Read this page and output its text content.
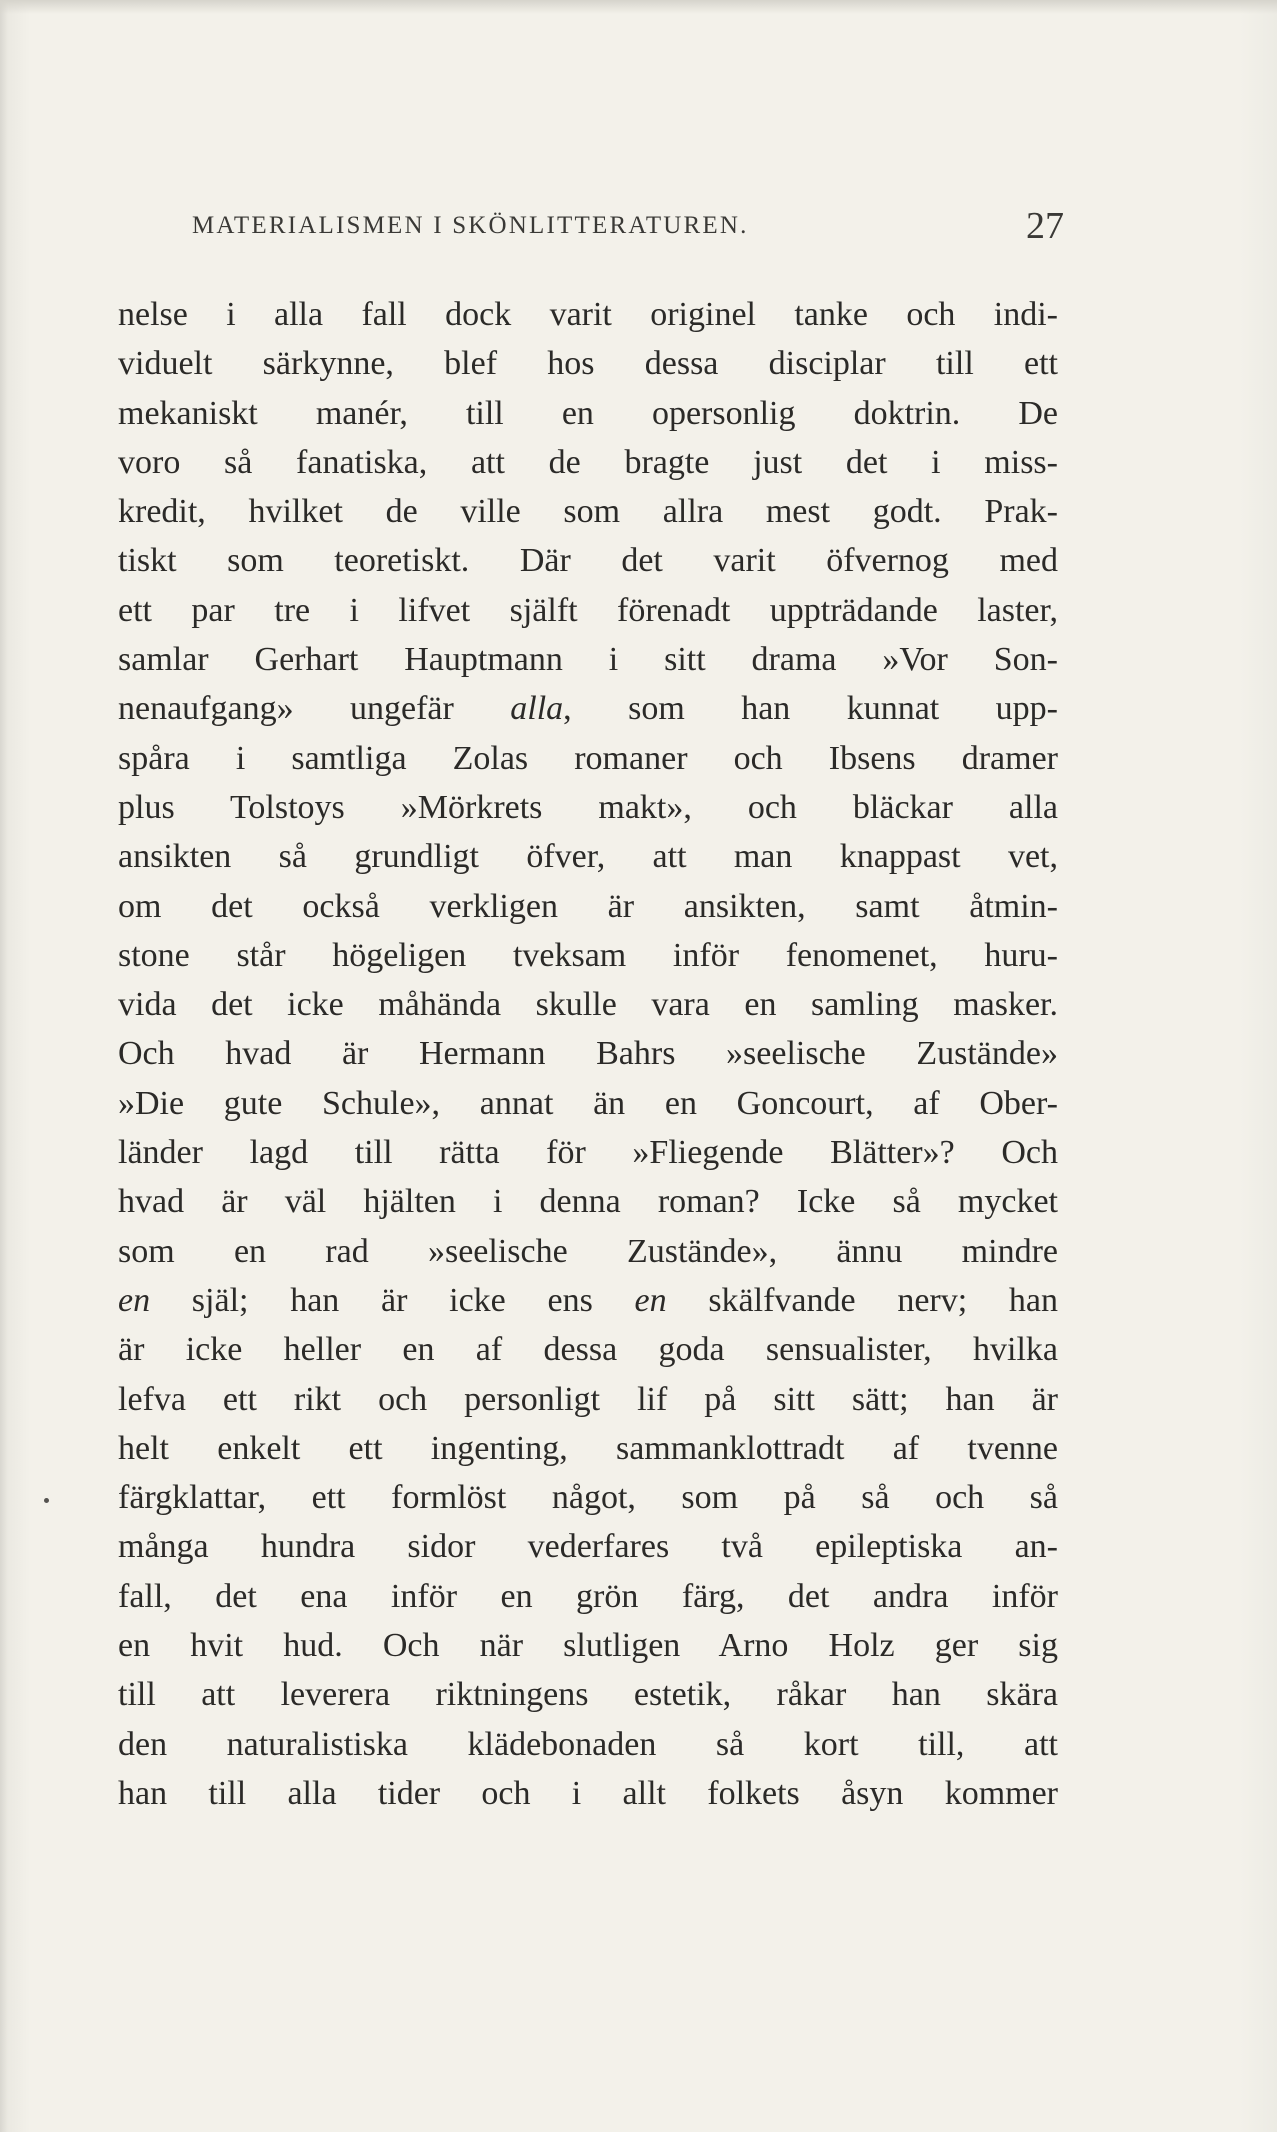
MATERIALISMEN I SKÖNLITTERATUREN.	27
nelse i alla fall dock varit originel tanke och indi-
viduelt särkynne, blef hos dessa disciplar till ett
mekaniskt manér, till en opersonlig doktrin. De
voro så fanatiska, att de bragte just det i miss-
kredit, hvilket de ville som allra mest godt. Prak-
tiskt som teoretiskt. Där det varit öfvernog med
ett par tre i lifvet själft förenadt uppträdande laster,
samlar Gerhart Hauptmann i sitt drama »Vor Son-
nenaufgang» ungefär alla, som han kunnat upp-
spåra i samtliga Zolas romaner och Ibsens dramer
plus Tolstoys »Mörkrets makt», och bläckar alla
ansikten så grundligt öfver, att man knappast vet,
om det också verkligen är ansikten, samt åtmin-
stone står högeligen tveksam inför fenomenet, huru-
vida det icke måhända skulle vara en samling masker.
Och hvad är Hermann Bahrs »seelische Zustände»
»Die gute Schule», annat än en Goncourt, af Ober-
länder lagd till rätta för »Fliegende Blätter»? Och
hvad är väl hjälten i denna roman? Icke så mycket
som en rad »seelische Zustände», ännu mindre
en själ; han är icke ens en skälfvande nerv; han
är icke heller en af dessa goda sensualister, hvilka
lefva ett rikt och personligt lif på sitt sätt; han är
helt enkelt ett ingenting, sammanklottradt af tvenne
färgklattar, ett formlöst något, som på så och så
många hundra sidor vederfares två epileptiska an-
fall, det ena inför en grön färg, det andra inför
en hvit hud. Och när slutligen Arno Holz ger sig
till att leverera riktningens estetik, råkar han skära
den naturalistiska klädebonaden så kort till, att
han till alla tider och i allt folkets åsyn kommer
